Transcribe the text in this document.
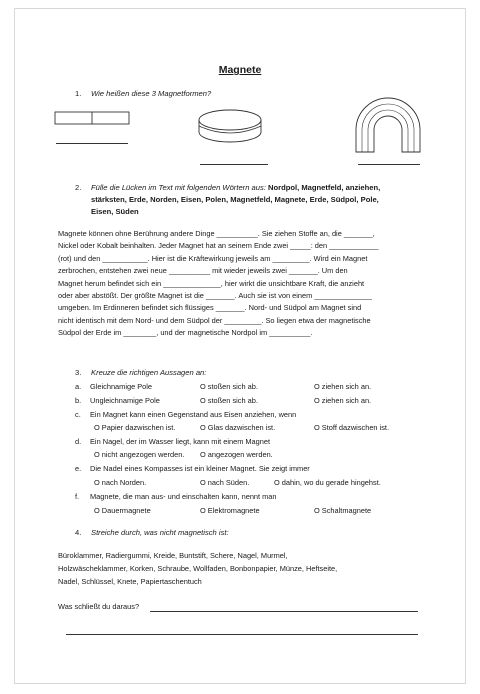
Magnete
1. Wie heißen diese 3 Magnetformen?
2. Fülle die Lücken im Text mit folgenden Wörtern aus: Nordpol, Magnetfeld, anziehen,
stärksten, Erde, Norden, Eisen, Polen, Magnetfeld, Magnete, Erde, Südpol, Pole,
Eisen, Süden
Magnete können ohne Berührung andere Dinge __________. Sie ziehen Stoffe an, die _______,
Nickel oder Kobalt beinhalten. Jeder Magnet hat an seinem Ende zwei _____: den ____________
(rot) und den ___________. Hier ist die Kräftewirkung jeweils am _________. Wird ein Magnet
zerbrochen, entstehen zwei neue __________ mit wieder jeweils zwei _______. Um den
Magnet herum befindet sich ein ______________, hier wirkt die unsichtbare Kraft, die anzieht
oder aber abstößt. Der größte Magnet ist die _______. Auch sie ist von einem ______________
umgeben. Im Erdinneren befindet sich flüssiges _______. Nord- und Südpol am Magnet sind
nicht identisch mit dem Nord- und dem Südpol der _________. So liegen etwa der magnetische
Südpol der Erde im ________, und der magnetische Nordpol im __________.
3. Kreuze die richtigen Aussagen an:
a. Gleichnamige Pole	O stoßen sich ab.	O ziehen sich an.
b. Ungleichnamige Pole	O stoßen sich ab.	O ziehen sich an.
c. Ein Magnet kann einen Gegenstand aus Eisen anziehen, wenn
O Papier dazwischen ist.	O Glas dazwischen ist.	O Stoff dazwischen ist.
d. Ein Nagel, der im Wasser liegt, kann mit einem Magnet
O nicht angezogen werden. O angezogen werden.
e. Die Nadel eines Kompasses ist ein kleiner Magnet. Sie zeigt immer
O nach Norden.	O nach Süden.	O dahin, wo du gerade hingehst.
f. Magnete, die man aus- und einschalten kann, nennt man
O Dauermagnete	O Elektromagnete	O Schaltmagnete
4. Streiche durch, was nicht magnetisch ist:
Büroklammer, Radiergummi, Kreide, Buntstift, Schere, Nagel, Murmel,
Holzwäscheklammer, Korken, Schraube, Wollfaden, Bonbonpapier, Münze, Heftseite,
Nadel, Schlüssel, Knete, Papiertaschentuch
Was schließt du daraus?
